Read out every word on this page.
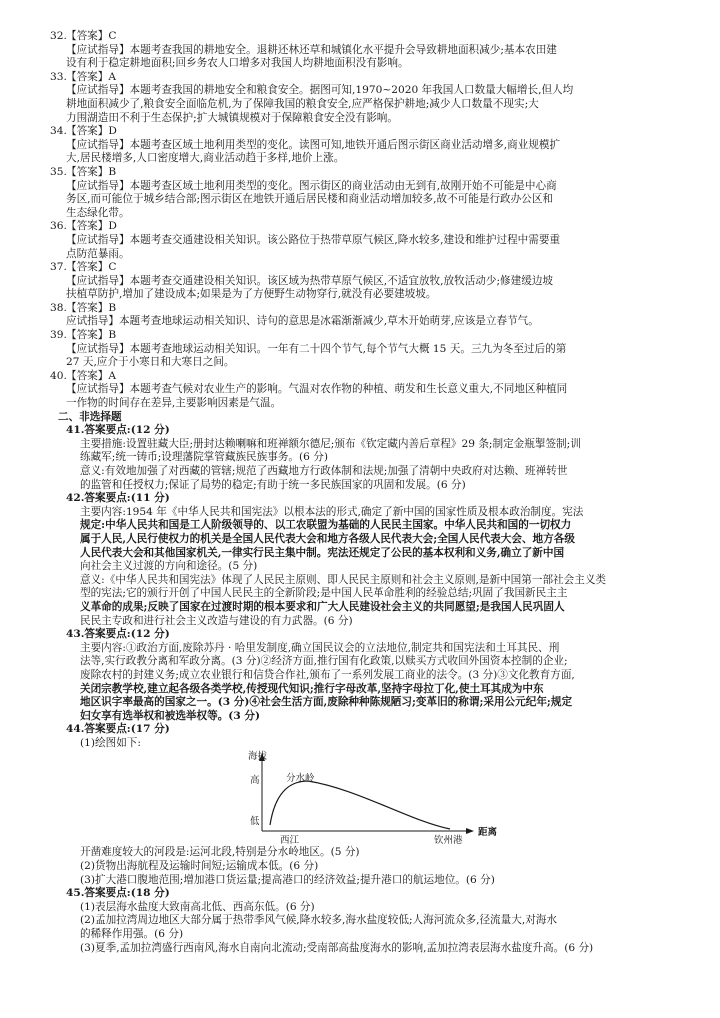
32.【答案】C
【应试指导】本题考查我国的耕地安全。退耕还林还草和城镇化水平提升会导致耕地面积减少;基本农田建
设有利于稳定耕地面积;回乡务农人口增多对我国人均耕地面积没有影响。
33.【答案】A
【应试指导】本题考查我国的耕地安全和粮食安全。据图可知,1970~2020 年我国人口数量大幅增长,但人均
耕地面积减少了,粮食安全面临危机,为了保障我国的粮食安全,应严格保护耕地;减少人口数量不现实;大
力围湖造田不利于生态保护;扩大城镇规模对于保障粮食安全没有影响。
34.【答案】D
【应试指导】本题考查区域土地利用类型的变化。读图可知,地铁开通后图示街区商业活动增多,商业规模扩
大,居民楼增多,人口密度增大,商业活动趋于多样,地价上涨。
35.【答案】B
【应试指导】本题考查区域土地利用类型的变化。图示街区的商业活动由无到有,故刚开始不可能是中心商
务区,而可能位于城乡结合部;图示街区在地铁开通后居民楼和商业活动增加较多,故不可能是行政办公区和
生态绿化带。
36.【答案】D
【应试指导】本题考查交通建设相关知识。该公路位于热带草原气候区,降水较多,建设和维护过程中需要重
点防范暴雨。
37.【答案】C
【应试指导】本题考查交通建设相关知识。该区域为热带草原气候区,不适宜放牧,放牧活动少;修建缓边坡
扶植草防护,增加了建设成本;如果是为了方便野生动物穿行,就没有必要建坡坡。
38.【答案】B
应试指导】本题考查地球运动相关知识、诗句的意思是冰霜渐渐减少,草木开始萌芽,应该是立春节气。
39.【答案】B
【应试指导】本题考查地球运动相关知识。一年有二十四个节气,每个节气大概 15 天。三九为冬至过后的第
27 天,应介于小寒日和大寒日之间。
40.【答案】A
【应试指导】本题考查气候对农业生产的影响。气温对农作物的种植、萌发和生长意义重大,不同地区种植同
一作物的时间存在差异,主要影响因素是气温。
二、非选择题
41.答案要点:(12 分)
主要措施:设置驻藏大臣;册封达赖喇嘛和班禅额尔德尼;颁布《钦定藏内善后章程》29 条;制定金瓶掣签制;训
练藏军;统一铸币;设理藩院掌管藏族民族事务。(6 分)
意义:有效地加强了对西藏的管辖;规范了西藏地方行政体制和法规;加强了清朝中央政府对达赖、班禅转世
的监管和任授权力;保证了局势的稳定;有助于统一多民族国家的巩固和发展。(6 分)
42.答案要点:(11 分)
主要内容:1954 年《中华人民共和国宪法》以根本法的形式,确定了新中国的国家性质及根本政治制度。宪法
规定:中华人民共和国是工人阶级领导的、以工农联盟为基础的人民民主国家。中华人民共和国的一切权力
属于人民,人民行使权力的机关是全国人民代表大会和地方各级人民代表大会;全国人民代表大会、地方各级
人民代表大会和其他国家机关,一律实行民主集中制。宪法还规定了公民的基本权利和义务,确立了新中国
向社会主义过渡的方向和途径。(5 分)
意义:《中华人民共和国宪法》体现了人民民主原则、即人民民主原则和社会主义原则,是新中国第一部社会主义类
型的宪法;它的颁行开创了中国人民民主的全新阶段;是中国人民革命胜利的经验总结;巩固了我国新民主主
义革命的成果;反映了国家在过渡时期的根本要求和广大人民建设社会主义的共同愿望;是我国人民巩固人
民民主专政和进行社会主义改造与建设的有力武器。(6 分)
43.答案要点:(12 分)
主要内容:①政治方面,废除苏丹 · 哈里发制度,确立国民议会的立法地位,制定共和国宪法和土耳其民、刑
法等,实行政教分离和军政分离。(3 分)②经济方面,推行国有化政策,以赎买方式收回外国资本控制的企业;
废除农村的封建义务;成立农业银行和信贷合作社,颁布了一系列发展工商业的法令。(3 分)③文化教育方面,
关闭宗教学校,建立起各级各类学校,传授现代知识;推行字母改革,坚持字母拉丁化,使土耳其成为中东
地区识字率最高的国家之一。(3 分)④社会生活方面,废除种种陈规陋习;变革旧的称谓;采用公元纪年;规定
妇女享有选举权和被选举权等。(3 分)
44.答案要点:(17 分)
(1)绘图如下:
海拔
高
低
距离
西江	钦州港
分水岭
开凿难度较大的河段是:运河北段,特别是分水岭地区。(5 分)
(2)货物出海航程及运输时间短;运输成本低。(6 分)
(3)扩大港口腹地范围;增加港口货运量;提高港口的经济效益;提升港口的航运地位。(6 分)
45.答案要点:(18 分)
(1)表层海水盐度大致南高北低、西高东低。(6 分)
(2)孟加拉湾周边地区大部分属于热带季风气候,降水较多,海水盐度较低;人海河流众多,径流量大,对海水
的稀释作用强。(6 分)
(3)夏季,孟加拉湾盛行西南风,海水自南向北流动;受南部高盐度海水的影响,孟加拉湾表层海水盐度升高。(6 分)
